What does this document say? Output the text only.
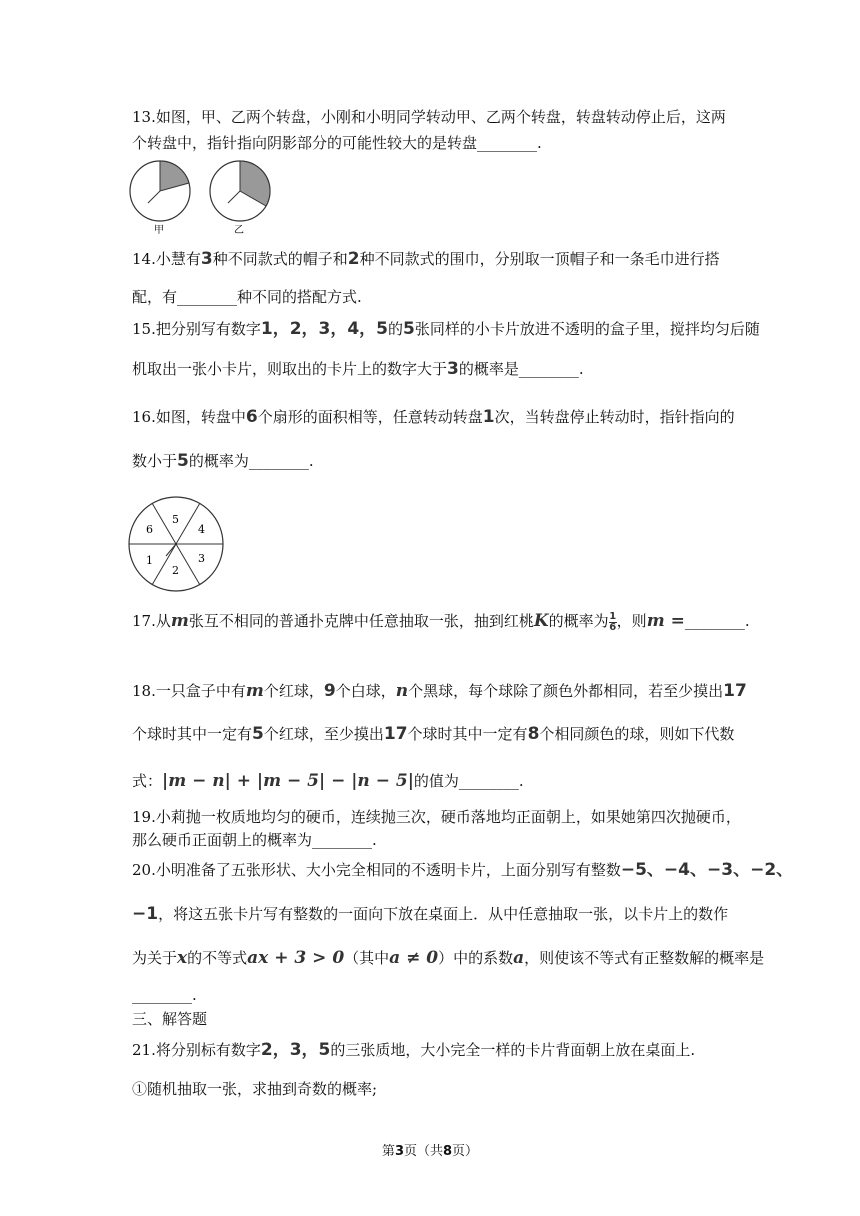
13.如图，甲、乙两个转盘，小刚和小明同学转动甲、乙两个转盘，转盘转动停止后，这两
个转盘中，指针指向阴影部分的可能性较大的是转盘________.
甲	乙
14.小慧有3种不同款式的帽子和2种不同款式的围巾，分别取一顶帽子和一条毛巾进行搭
配，有________种不同的搭配方式.
15.把分别写有数字1，2，3，4，5的5张同样的小卡片放进不透明的盒子里，搅拌均匀后随
机取出一张小卡片，则取出的卡片上的数字大于3的概率是________.
16.如图，转盘中6个扇形的面积相等，任意转动转盘1次，当转盘停止转动时，指针指向的
数小于5的概率为________.
5
4
3
2
1
6
17.从m张互不相同的普通扑克牌中任意抽取一张，抽到红桃K的概率为 $\frac{1}{6}$ ，则m =________.
18.一只盒子中有m个红球，9个白球，n个黑球，每个球除了颜色外都相同，若至少摸出17
个球时其中一定有5个红球，至少摸出17个球时其中一定有8个相同颜色的球，则如下代数
式：|m − n| + |m − 5| − |n − 5|的值为________.
19.小莉抛一枚质地均匀的硬币，连续抛三次，硬币落地均正面朝上，如果她第四次抛硬币，
那么硬币正面朝上的概率为________.
20.小明准备了五张形状、大小完全相同的不透明卡片，上面分别写有整数−5、−4、−3、−2、
−1，将这五张卡片写有整数的一面向下放在桌面上．从中任意抽取一张，以卡片上的数作
为关于x的不等式ax + 3 > 0（其中a ≠ 0）中的系数a，则使该不等式有正整数解的概率是
________.
三、解答题
21.将分别标有数字2，3，5的三张质地，大小完全一样的卡片背面朝上放在桌面上.
①随机抽取一张，求抽到奇数的概率;
第3页（共8页）
